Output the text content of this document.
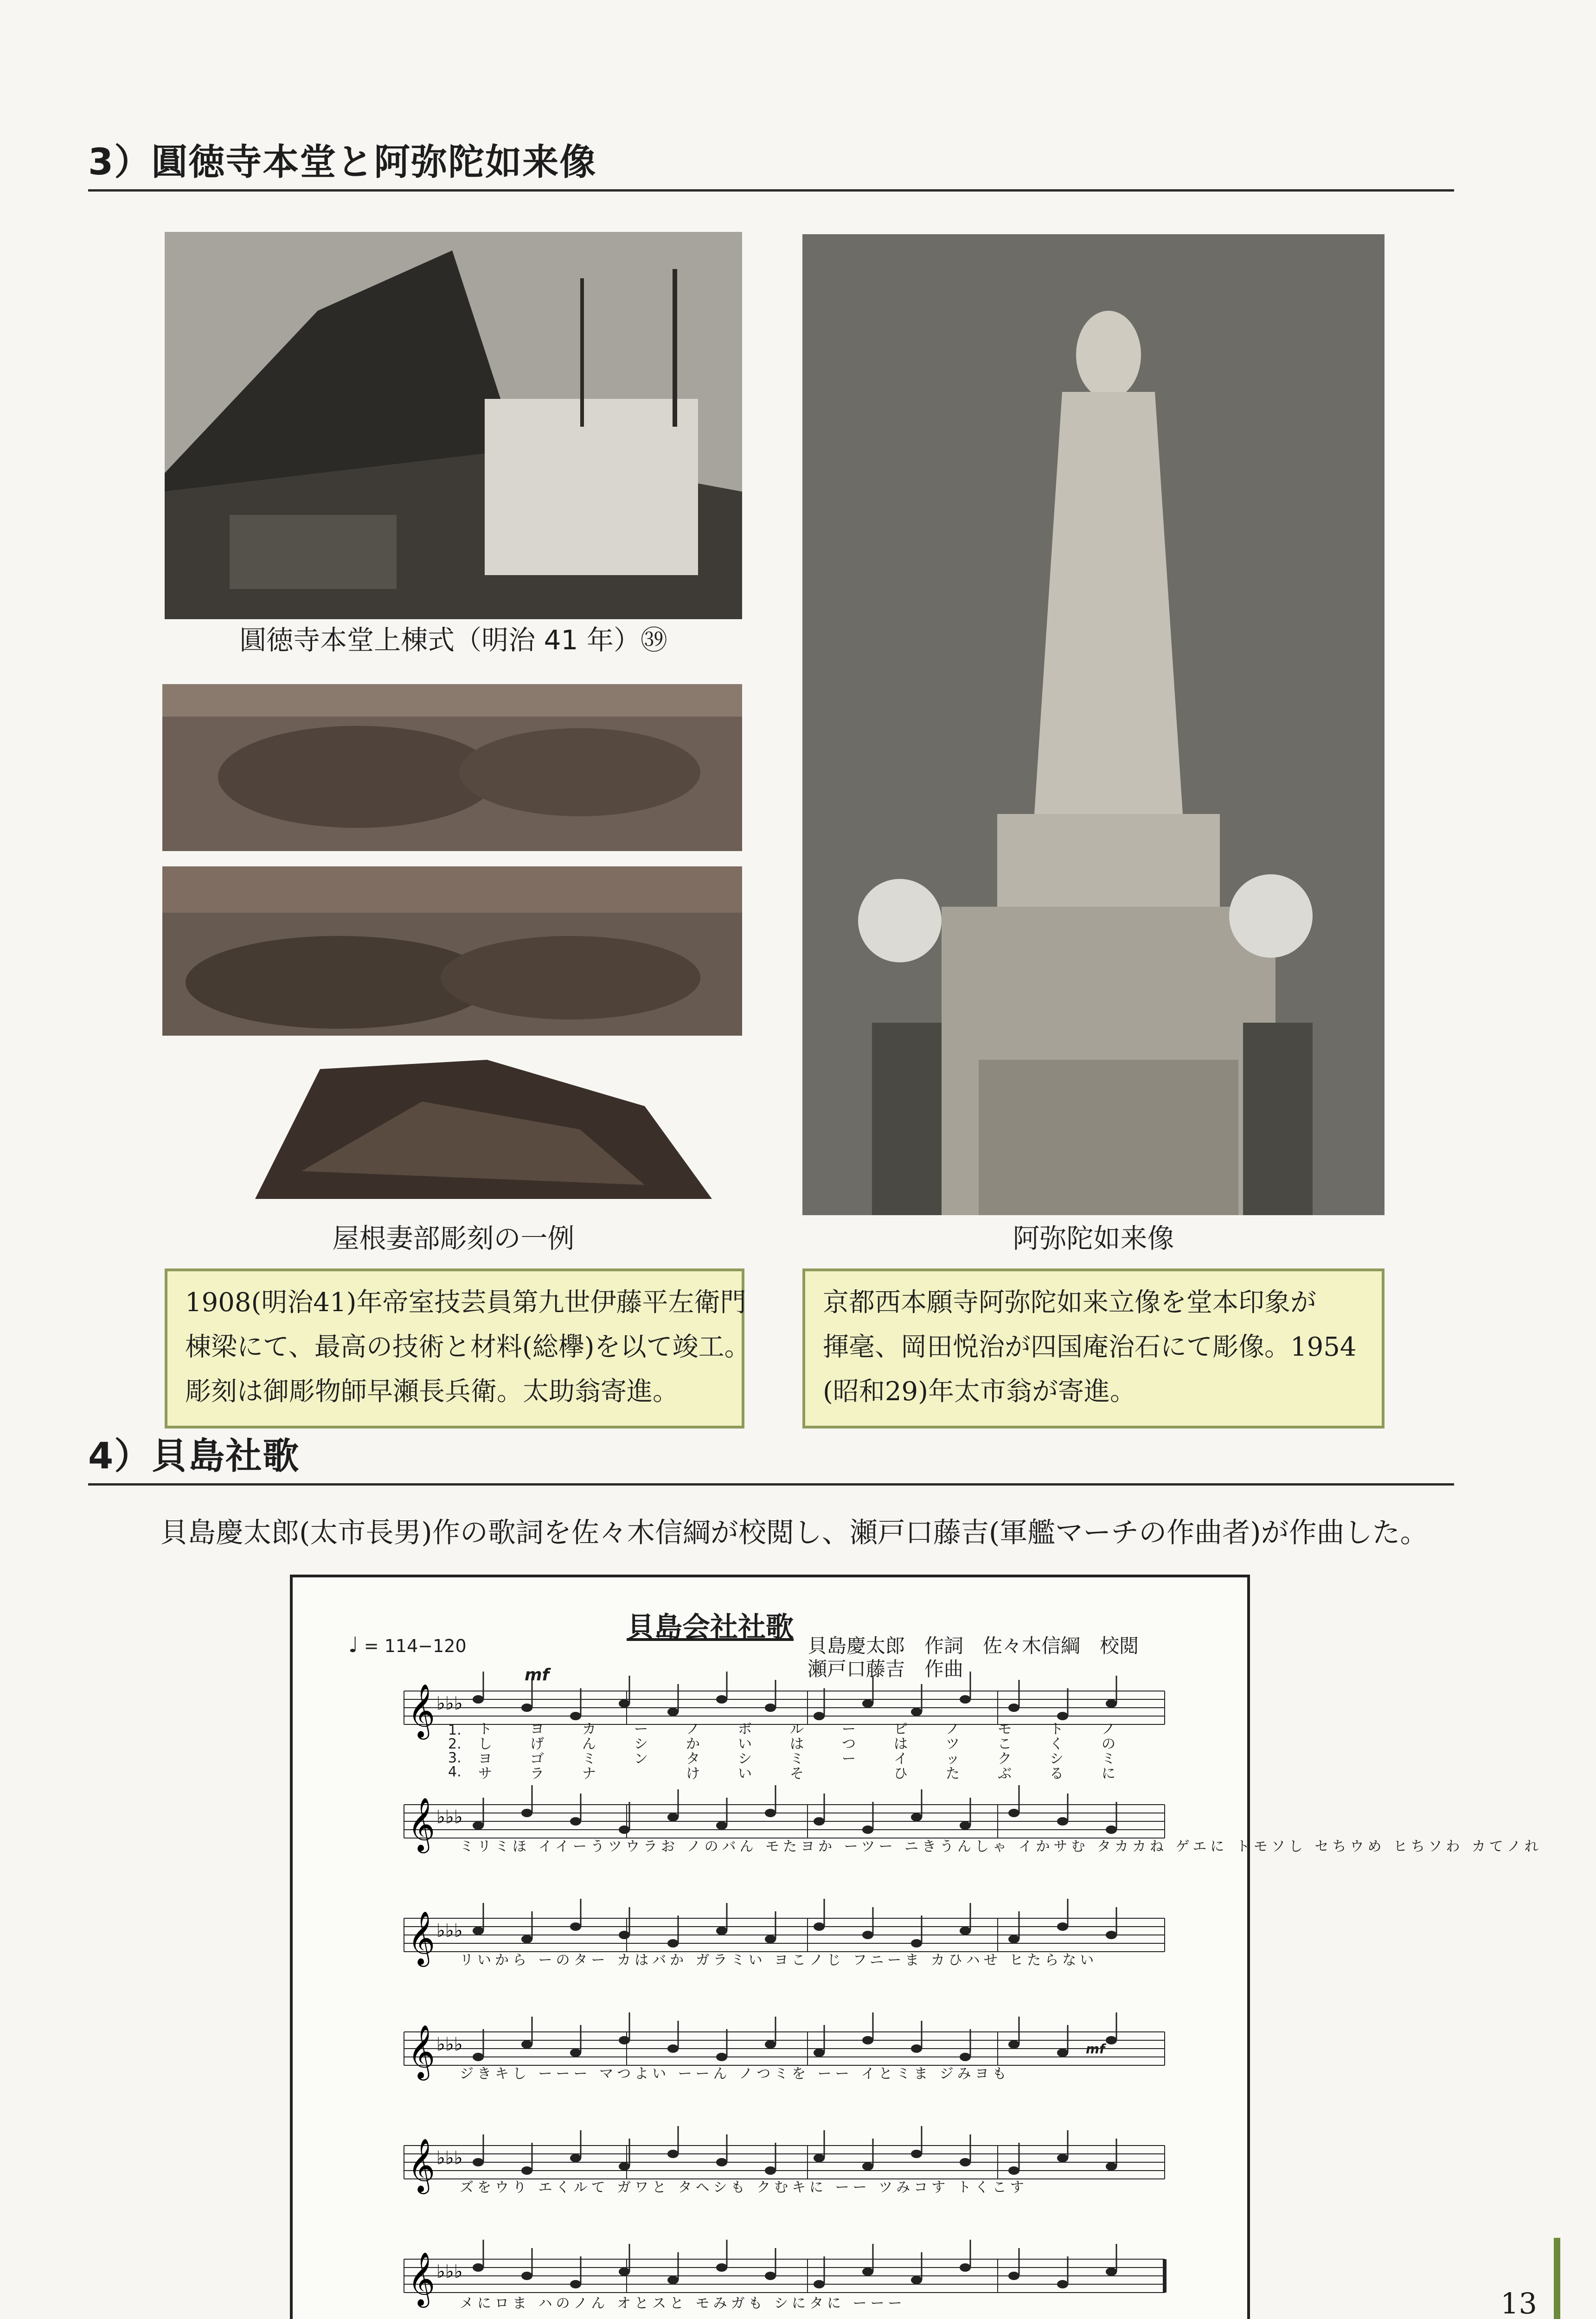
3）圓徳寺本堂と阿弥陀如来像
圓徳寺本堂上棟式（明治 41 年）㊴
屋根妻部彫刻の一例	阿弥陀如来像
1908(明治41)年帝室技芸員第九世伊藤平左衛門
棟梁にて、最高の技術と材料(総欅)を以て竣工。
彫刻は御彫物師早瀬長兵衛。太助翁寄進。
京都西本願寺阿弥陀如来立像を堂本印象が
揮毫、岡田悦治が四国庵治石にて彫像。1954
(昭和29)年太市翁が寄進。
4）貝島社歌
貝島慶太郎(太市長男)作の歌詞を佐々木信綱が校閲し、瀬戸口藤吉(軍艦マーチの作曲者)が作曲した。
貝島会社社歌
♩ = 114−120	貝島慶太郎　作詞　佐々木信綱　校閲
瀬戸口藤吉　作曲
mf
𝄞 ♭♭♭
𝄞 ♭♭♭
𝄞 ♭♭♭
𝄞 ♭♭♭
𝄞 ♭♭♭
𝄞 ♭♭♭
1.
2.
3.
4.
ト
し
ヨ
サ
ヨ
げ
ゴ
ラ
カ
ん
ミ
ナ
ー
シ
ン
ノ
か
タ
け
ボ
い
シ
い
ル
は
ミ
そ
ー
つ
ー
ピ
は
イ
ひ
ノ
ツ
ッ
た
モ
こ
ク
ぶ
ト
く
シ
る
ノ
の
ミ
に
ミリミほ イイーうツウラお ノのバん モたヨか ーツー ニきうんしゃ イかサむ タカカね ゲエに トモソし セちウめ ヒちソわ カてノれ
リいから ーのター カはバか ガラミい ヨこノじ フニーま カひハせ ヒたらない
ジきキし ーーー マつよい ーーん ノつミを ーー イとミま ジみヨも
ズをウり エくルて ガワと タヘシも クむキに ーー ツみコす トくこす
メにロま ハのノん オとスと モみガも シにタに ーーー
mf
13
